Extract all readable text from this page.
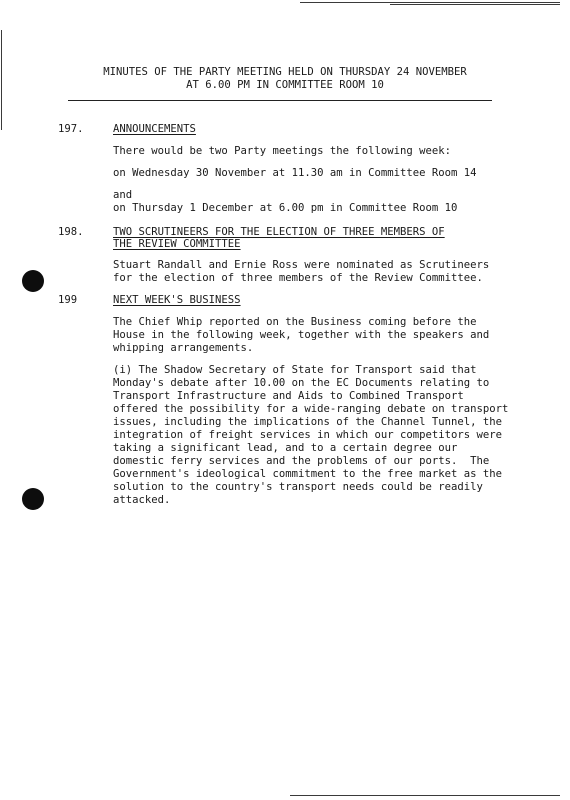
MINUTES OF THE PARTY MEETING HELD ON THURSDAY 24 NOVEMBER
AT 6.00 PM IN COMMITTEE ROOM 10
197.	ANNOUNCEMENTS
There would be two Party meetings the following week:
on Wednesday 30 November at 11.30 am in Committee Room 14
and
on Thursday 1 December at 6.00 pm in Committee Room 10
198.	TWO SCRUTINEERS FOR THE ELECTION OF THREE MEMBERS OF
THE REVIEW COMMITTEE
Stuart Randall and Ernie Ross were nominated as Scrutineers
for the election of three members of the Review Committee.
199	NEXT WEEK'S BUSINESS
The Chief Whip reported on the Business coming before the
House in the following week, together with the speakers and
whipping arrangements.
(i) The Shadow Secretary of State for Transport said that
Monday's debate after 10.00 on the EC Documents relating to
Transport Infrastructure and Aids to Combined Transport
offered the possibility for a wide-ranging debate on transport
issues, including the implications of the Channel Tunnel, the
integration of freight services in which our competitors were
taking a significant lead, and to a certain degree our
domestic ferry services and the problems of our ports.  The
Government's ideological commitment to the free market as the
solution to the country's transport needs could be readily
attacked.
